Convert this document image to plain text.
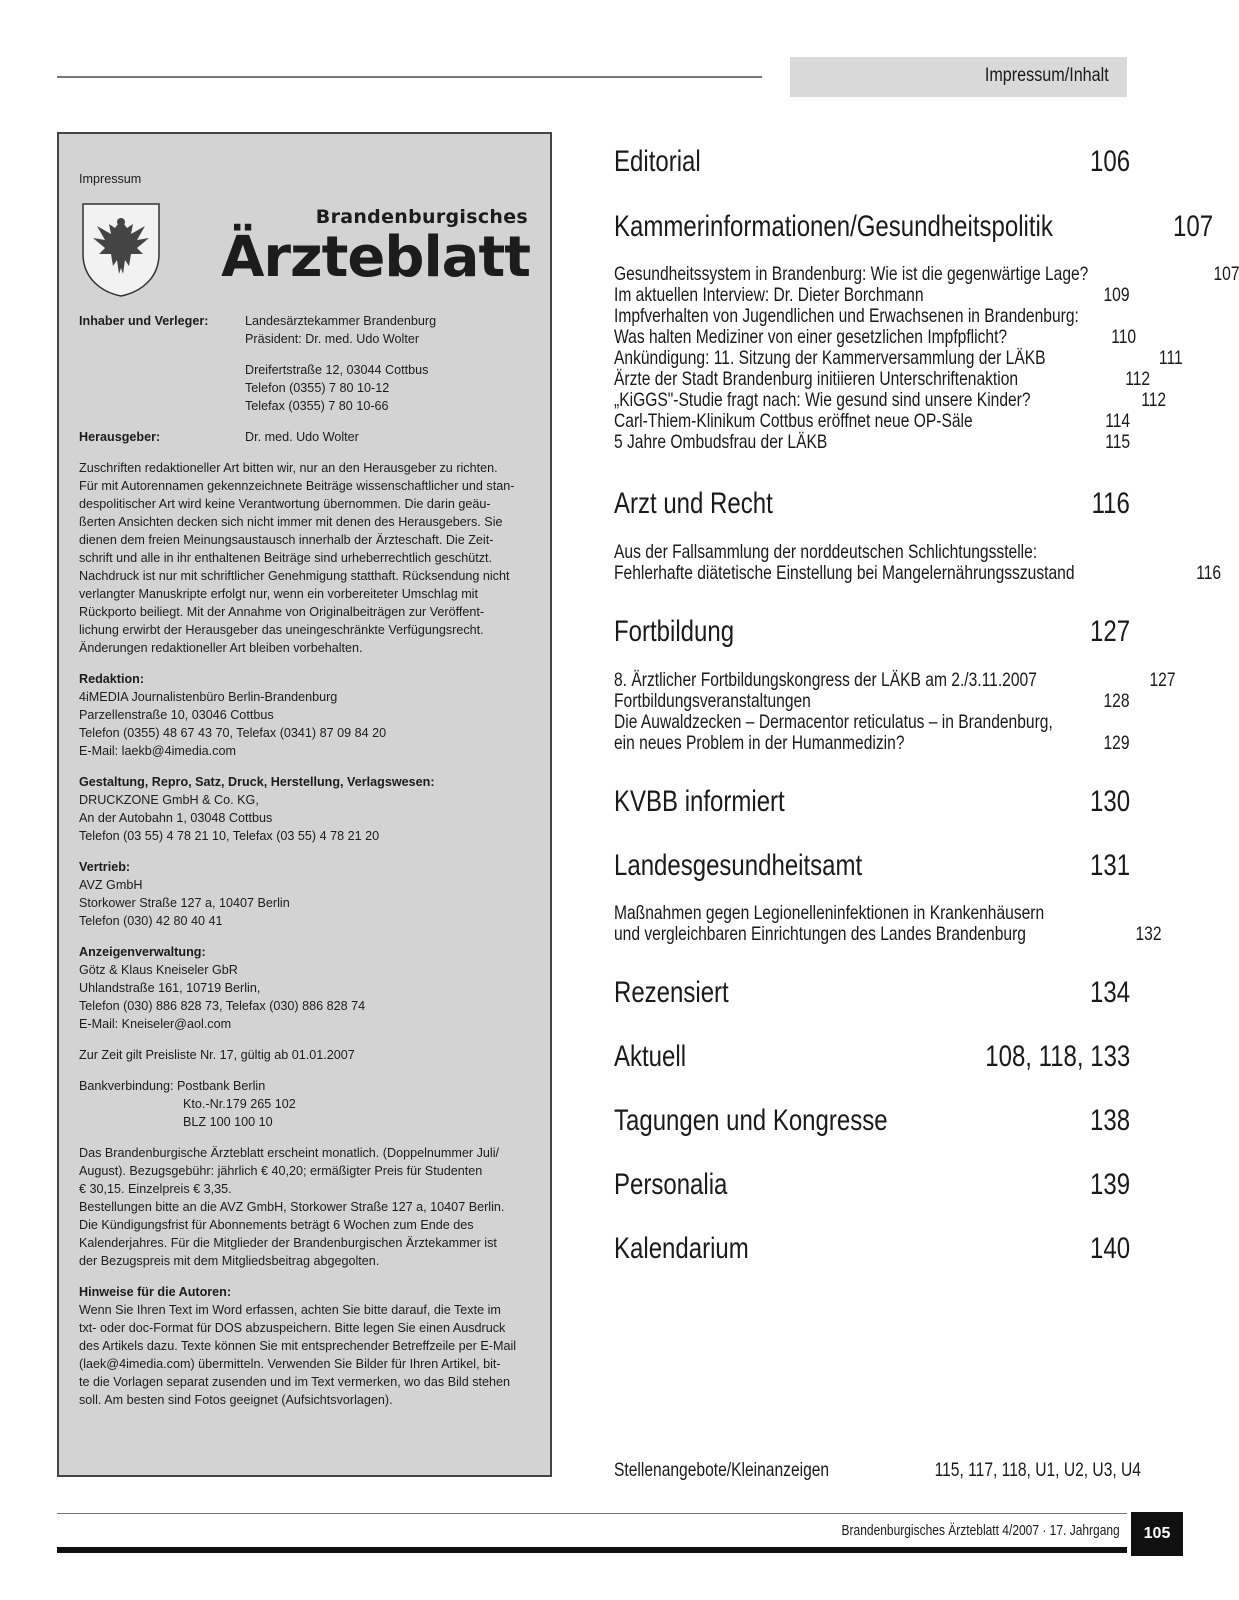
Impressum/Inhalt
Impressum
Brandenburgisches
Ärzteblatt
Inhaber und Verleger:	Landesärztekammer Brandenburg
Präsident: Dr. med. Udo Wolter
Dreifertstraße 12, 03044 Cottbus
Telefon (0355) 7 80 10-12
Telefax (0355) 7 80 10-66
Herausgeber:	Dr. med. Udo Wolter
Zuschriften redaktioneller Art bitten wir, nur an den Herausgeber zu richten.
Für mit Autorennamen gekennzeichnete Beiträge wissenschaftlicher und stan-
despolitischer Art wird keine Verantwortung übernommen. Die darin geäu-
ßerten Ansichten decken sich nicht immer mit denen des Herausgebers. Sie
dienen dem freien Meinungsaustausch innerhalb der Ärzteschaft. Die Zeit-
schrift und alle in ihr enthaltenen Beiträge sind urheberrechtlich geschützt.
Nachdruck ist nur mit schriftlicher Genehmigung statthaft. Rücksendung nicht
verlangter Manuskripte erfolgt nur, wenn ein vorbereiteter Umschlag mit
Rückporto beiliegt. Mit der Annahme von Originalbeiträgen zur Veröffent-
lichung erwirbt der Herausgeber das uneingeschränkte Verfügungsrecht.
Änderungen redaktioneller Art bleiben vorbehalten.
Redaktion:
4iMEDIA Journalistenbüro Berlin-Brandenburg
Parzellenstraße 10, 03046 Cottbus
Telefon (0355) 48 67 43 70, Telefax (0341) 87 09 84 20
E-Mail: laekb@4imedia.com
Gestaltung, Repro, Satz, Druck, Herstellung, Verlagswesen:
DRUCKZONE GmbH & Co. KG,
An der Autobahn 1, 03048 Cottbus
Telefon (03 55) 4 78 21 10, Telefax (03 55) 4 78 21 20
Vertrieb:
AVZ GmbH
Storkower Straße 127 a, 10407 Berlin
Telefon (030) 42 80 40 41
Anzeigenverwaltung:
Götz & Klaus Kneiseler GbR
Uhlandstraße 161, 10719 Berlin,
Telefon (030) 886 828 73, Telefax (030) 886 828 74
E-Mail: Kneiseler@aol.com
Zur Zeit gilt Preisliste Nr. 17, gültig ab 01.01.2007
Bankverbindung: Postbank Berlin
Kto.-Nr.179 265 102
BLZ 100 100 10
Das Brandenburgische Ärzteblatt erscheint monatlich. (Doppelnummer Juli/
August). Bezugsgebühr: jährlich € 40,20; ermäßigter Preis für Studenten
€ 30,15. Einzelpreis € 3,35.
Bestellungen bitte an die AVZ GmbH, Storkower Straße 127 a, 10407 Berlin.
Die Kündigungsfrist für Abonnements beträgt 6 Wochen zum Ende des
Kalenderjahres. Für die Mitglieder der Brandenburgischen Ärztekammer ist
der Bezugspreis mit dem Mitgliedsbeitrag abgegolten.
Hinweise für die Autoren:
Wenn Sie Ihren Text im Word erfassen, achten Sie bitte darauf, die Texte im
txt- oder doc-Format für DOS abzuspeichern. Bitte legen Sie einen Ausdruck
des Artikels dazu. Texte können Sie mit entsprechender Betreffzeile per E-Mail
(laek@4imedia.com) übermitteln. Verwenden Sie Bilder für Ihren Artikel, bit-
te die Vorlagen separat zusenden und im Text vermerken, wo das Bild stehen
soll. Am besten sind Fotos geeignet (Aufsichtsvorlagen).
Editorial	106
Kammerinformationen/Gesundheitspolitik	107
Gesundheitssystem in Brandenburg: Wie ist die gegenwärtige Lage?	107
Im aktuellen Interview: Dr. Dieter Borchmann	109
Impfverhalten von Jugendlichen und Erwachsenen in Brandenburg:
Was halten Mediziner von einer gesetzlichen Impfpflicht?	110
Ankündigung: 11. Sitzung der Kammerversammlung der LÄKB	111
Ärzte der Stadt Brandenburg initiieren Unterschriftenaktion	112
„KiGGS"-Studie fragt nach: Wie gesund sind unsere Kinder?	112
Carl-Thiem-Klinikum Cottbus eröffnet neue OP-Säle	114
5 Jahre Ombudsfrau der LÄKB	115
Arzt und Recht	116
Aus der Fallsammlung der norddeutschen Schlichtungsstelle:
Fehlerhafte diätetische Einstellung bei Mangelernährungsszustand	116
Fortbildung	127
8. Ärztlicher Fortbildungskongress der LÄKB am 2./3.11.2007	127
Fortbildungsveranstaltungen	128
Die Auwaldzecken – Dermacentor reticulatus – in Brandenburg,
ein neues Problem in der Humanmedizin?	129
KVBB informiert	130
Landesgesundheitsamt	131
Maßnahmen gegen Legionelleninfektionen in Krankenhäusern
und vergleichbaren Einrichtungen des Landes Brandenburg	132
Rezensiert	134
Aktuell	108, 118, 133
Tagungen und Kongresse	138
Personalia	139
Kalendarium	140
Stellenangebote/Kleinanzeigen	115, 117, 118, U1, U2, U3, U4
Brandenburgisches Ärzteblatt 4/2007 · 17. Jahrgang	105
